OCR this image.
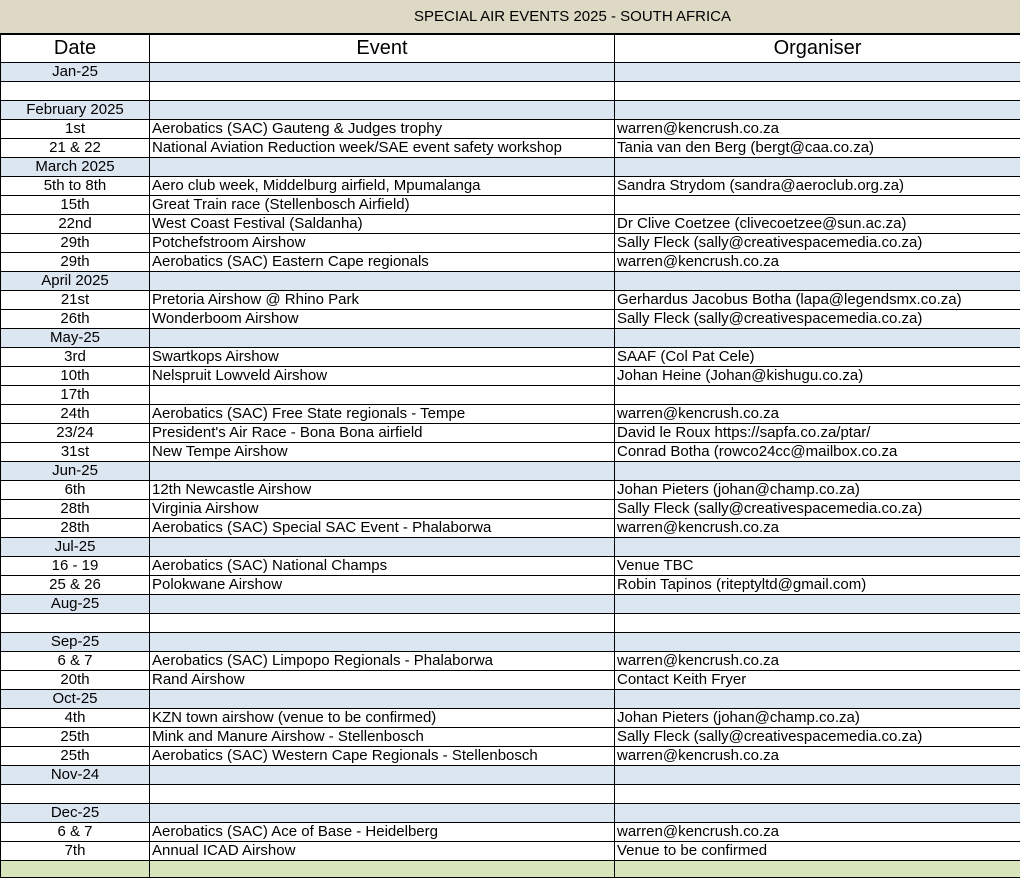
SPECIAL AIR EVENTS 2025 - SOUTH AFRICA
Date	Event	Organiser
Jan-25		

February 2025		
1st	Aerobatics (SAC) Gauteng & Judges trophy	warren@kencrush.co.za
21 & 22	National Aviation Reduction week/SAE event safety workshop	Tania van den Berg (bergt@caa.co.za)
March 2025		
5th to 8th	Aero club week, Middelburg airfield, Mpumalanga	Sandra Strydom (sandra@aeroclub.org.za)
15th	Great Train race (Stellenbosch Airfield)	
22nd	West Coast Festival (Saldanha)	Dr Clive Coetzee (clivecoetzee@sun.ac.za)
29th	Potchefstroom Airshow	Sally Fleck (sally@creativespacemedia.co.za)
29th	Aerobatics (SAC) Eastern Cape regionals	warren@kencrush.co.za
April 2025		
21st	Pretoria Airshow @ Rhino Park	Gerhardus Jacobus Botha (lapa@legendsmx.co.za)
26th	Wonderboom Airshow	Sally Fleck (sally@creativespacemedia.co.za)
May-25		
3rd	Swartkops Airshow	SAAF (Col Pat Cele)
10th	Nelspruit Lowveld Airshow	Johan Heine (Johan@kishugu.co.za)
17th		
24th	Aerobatics (SAC) Free State regionals - Tempe	warren@kencrush.co.za
23/24	President's Air Race - Bona Bona airfield	David le Roux https://sapfa.co.za/ptar/
31st	New Tempe Airshow	Conrad Botha (rowco24cc@mailbox.co.za
Jun-25		
6th	12th Newcastle Airshow	Johan Pieters (johan@champ.co.za)
28th	Virginia Airshow	Sally Fleck (sally@creativespacemedia.co.za)
28th	Aerobatics (SAC) Special SAC Event - Phalaborwa	warren@kencrush.co.za
Jul-25		
16 - 19	Aerobatics (SAC) National Champs	Venue TBC
25 & 26	Polokwane Airshow	Robin Tapinos (riteptyltd@gmail.com)
Aug-25		

Sep-25		
6 & 7	Aerobatics (SAC) Limpopo Regionals - Phalaborwa	warren@kencrush.co.za
20th	Rand Airshow	Contact Keith Fryer
Oct-25		
4th	KZN town airshow (venue to be confirmed)	Johan Pieters (johan@champ.co.za)
25th	Mink and Manure Airshow - Stellenbosch	Sally Fleck (sally@creativespacemedia.co.za)
25th	Aerobatics (SAC) Western Cape Regionals - Stellenbosch	warren@kencrush.co.za
Nov-24		

Dec-25		
6 & 7	Aerobatics (SAC) Ace of Base - Heidelberg	warren@kencrush.co.za
7th	Annual ICAD Airshow	Venue to be confirmed
